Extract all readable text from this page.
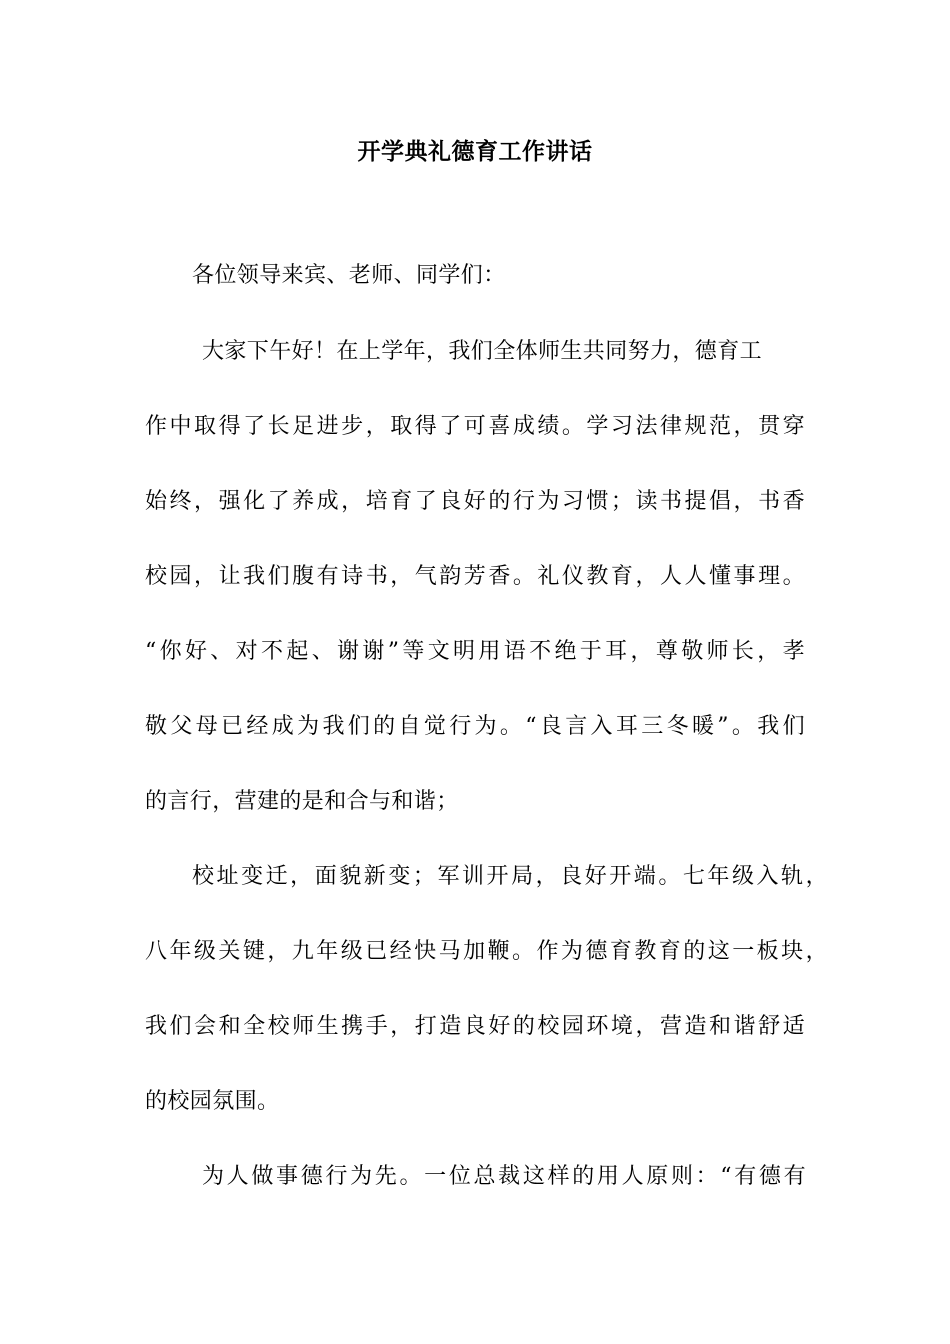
开学典礼德育工作讲话
各位领导来宾、老师、同学们：
大家下午好！在上学年，我们全体师生共同努力，德育工
作中取得了长足进步，取得了可喜成绩。学习法律规范，贯穿
始终，强化了养成，培育了良好的行为习惯；读书提倡，书香
校园，让我们腹有诗书，气韵芳香。礼仪教育，人人懂事理。
“你好、对不起、谢谢”等文明用语不绝于耳，尊敬师长，孝
敬父母已经成为我们的自觉行为。“良言入耳三冬暖”。我们
的言行，营建的是和合与和谐；
校址变迁，面貌新变；军训开局，良好开端。七年级入轨，
八年级关键，九年级已经快马加鞭。作为德育教育的这一板块，
我们会和全校师生携手，打造良好的校园环境，营造和谐舒适
的校园氛围。
为人做事德行为先。一位总裁这样的用人原则：“有德有
